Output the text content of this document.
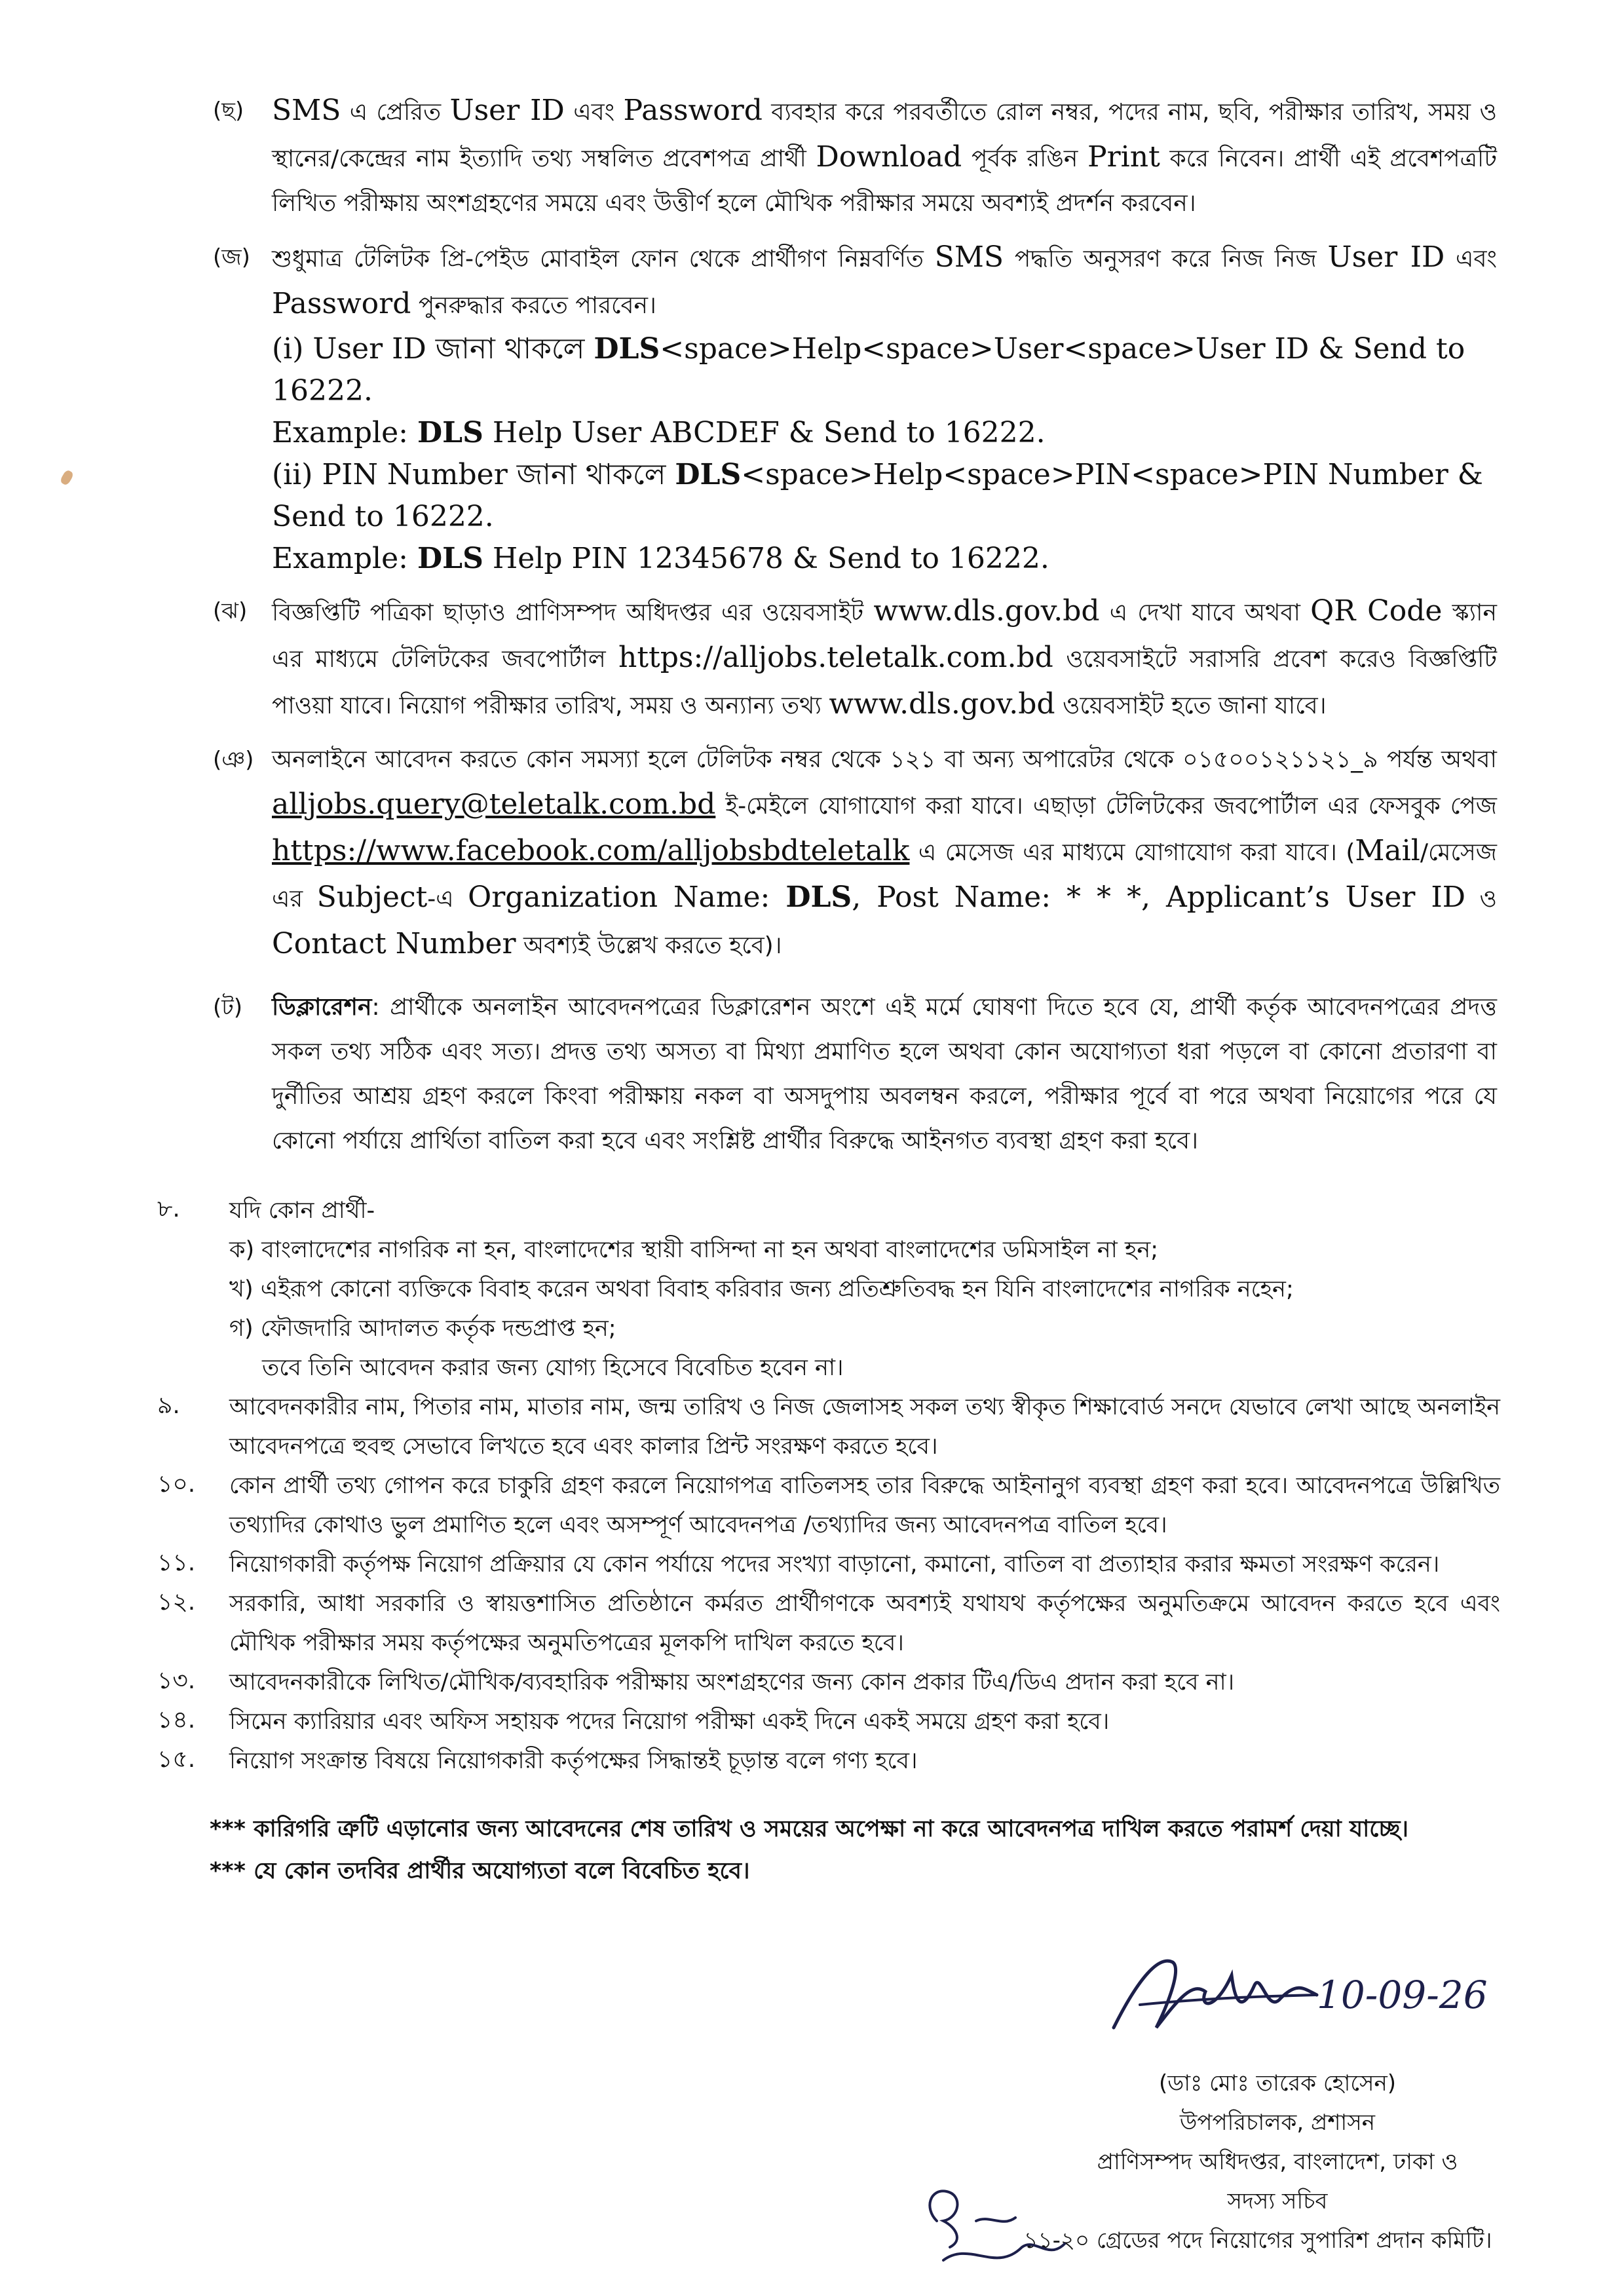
(ছ) SMS এ প্রেরিত User ID এবং Password ব্যবহার করে পরবর্তীতে রোল নম্বর, পদের নাম, ছবি, পরীক্ষার তারিখ, সময় ও স্থানের/কেন্দ্রের নাম ইত্যাদি তথ্য সম্বলিত প্রবেশপত্র প্রার্থী Download পূর্বক রঙিন Print করে নিবেন। প্রার্থী এই প্রবেশপত্রটি লিখিত পরীক্ষায় অংশগ্রহণের সময়ে এবং উত্তীর্ণ হলে মৌখিক পরীক্ষার সময়ে অবশ্যই প্রদর্শন করবেন।
(জ) শুধুমাত্র টেলিটক প্রি-পেইড মোবাইল ফোন থেকে প্রার্থীগণ নিম্নবর্ণিত SMS পদ্ধতি অনুসরণ করে নিজ নিজ User ID এবং Password পুনরুদ্ধার করতে পারবেন।
(i) User ID জানা থাকলে DLS<space>Help<space>User<space>User ID & Send to 16222.
Example: DLS Help User ABCDEF & Send to 16222.
(ii) PIN Number জানা থাকলে DLS<space>Help<space>PIN<space>PIN Number & Send to 16222.
Example: DLS Help PIN 12345678 & Send to 16222.
(ঝ)	বিজ্ঞপ্তিটি পত্রিকা ছাড়াও প্রাণিসম্পদ অধিদপ্তর এর ওয়েবসাইট www.dls.gov.bd এ দেখা যাবে অথবা QR Code স্ক্যান এর মাধ্যমে টেলিটকের জবপোর্টাল https://alljobs.teletalk.com.bd ওয়েবসাইটে সরাসরি প্রবেশ করেও বিজ্ঞপ্তিটি পাওয়া যাবে। নিয়োগ পরীক্ষার তারিখ, সময় ও অন্যান্য তথ্য www.dls.gov.bd ওয়েবসাইট হতে জানা যাবে।
(ঞ) অনলাইনে আবেদন করতে কোন সমস্যা হলে টেলিটক নম্বর থেকে ১২১ বা অন্য অপারেটর থেকে ০১৫০০১২১১২১_৯ পর্যন্ত অথবা alljobs.query@teletalk.com.bd ই-মেইলে যোগাযোগ করা যাবে। এছাড়া টেলিটকের জবপোর্টাল এর ফেসবুক পেজ https://www.facebook.com/alljobsbdteletalk এ মেসেজ এর মাধ্যমে যোগাযোগ করা যাবে। (Mail/মেসেজ এর Subject-এ Organization Name: DLS, Post Name: * * *, Applicant’s User ID ও Contact Number অবশ্যই উল্লেখ করতে হবে)।
(ট)	ডিক্লারেশন: প্রার্থীকে অনলাইন আবেদনপত্রের ডিক্লারেশন অংশে এই মর্মে ঘোষণা দিতে হবে যে, প্রার্থী কর্তৃক আবেদনপত্রের প্রদত্ত সকল তথ্য সঠিক এবং সত্য। প্রদত্ত তথ্য অসত্য বা মিথ্যা প্রমাণিত হলে অথবা কোন অযোগ্যতা ধরা পড়লে বা কোনো প্রতারণা বা দুর্নীতির আশ্রয় গ্রহণ করলে কিংবা পরীক্ষায় নকল বা অসদুপায় অবলম্বন করলে, পরীক্ষার পূর্বে বা পরে অথবা নিয়োগের পরে যে কোনো পর্যায়ে প্রার্থিতা বাতিল করা হবে এবং সংশ্লিষ্ট প্রার্থীর বিরুদ্ধে আইনগত ব্যবস্থা গ্রহণ করা হবে।
৮.	যদি কোন প্রার্থী-
ক) বাংলাদেশের নাগরিক না হন, বাংলাদেশের স্থায়ী বাসিন্দা না হন অথবা বাংলাদেশের ডমিসাইল না হন;
খ) এইরূপ কোনো ব্যক্তিকে বিবাহ করেন অথবা বিবাহ করিবার জন্য প্রতিশ্রুতিবদ্ধ হন যিনি বাংলাদেশের নাগরিক নহেন;
গ) ফৌজদারি আদালত কর্তৃক দন্ডপ্রাপ্ত হন;
তবে তিনি আবেদন করার জন্য যোগ্য হিসেবে বিবেচিত হবেন না।
৯.	আবেদনকারীর নাম, পিতার নাম, মাতার নাম, জন্ম তারিখ ও নিজ জেলাসহ সকল তথ্য স্বীকৃত শিক্ষাবোর্ড সনদে যেভাবে লেখা আছে অনলাইন আবেদনপত্রে হুবহু সেভাবে লিখতে হবে এবং কালার প্রিন্ট সংরক্ষণ করতে হবে।
১০.	কোন প্রার্থী তথ্য গোপন করে চাকুরি গ্রহণ করলে নিয়োগপত্র বাতিলসহ তার বিরুদ্ধে আইনানুগ ব্যবস্থা গ্রহণ করা হবে। আবেদনপত্রে উল্লিখিত তথ্যাদির কোথাও ভুল প্রমাণিত হলে এবং অসম্পূর্ণ আবেদনপত্র /তথ্যাদির জন্য আবেদনপত্র বাতিল হবে।
১১.	নিয়োগকারী কর্তৃপক্ষ নিয়োগ প্রক্রিয়ার যে কোন পর্যায়ে পদের সংখ্যা বাড়ানো, কমানো, বাতিল বা প্রত্যাহার করার ক্ষমতা সংরক্ষণ করেন।
১২.	সরকারি, আধা সরকারি ও স্বায়ত্তশাসিত প্রতিষ্ঠানে কর্মরত প্রার্থীগণকে অবশ্যই যথাযথ কর্তৃপক্ষের অনুমতিক্রমে আবেদন করতে হবে এবং মৌখিক পরীক্ষার সময় কর্তৃপক্ষের অনুমতিপত্রের মূলকপি দাখিল করতে হবে।
১৩.	আবেদনকারীকে লিখিত/মৌখিক/ব্যবহারিক পরীক্ষায় অংশগ্রহণের জন্য কোন প্রকার টিএ/ডিএ প্রদান করা হবে না।
১৪.	সিমেন ক্যারিয়ার এবং অফিস সহায়ক পদের নিয়োগ পরীক্ষা একই দিনে একই সময়ে গ্রহণ করা হবে।
১৫.	নিয়োগ সংক্রান্ত বিষয়ে নিয়োগকারী কর্তৃপক্ষের সিদ্ধান্তই চূড়ান্ত বলে গণ্য হবে।
*** কারিগরি ত্রুটি এড়ানোর জন্য আবেদনের শেষ তারিখ ও সময়ের অপেক্ষা না করে আবেদনপত্র দাখিল করতে পরামর্শ দেয়া যাচ্ছে।
*** যে কোন তদবির প্রার্থীর অযোগ্যতা বলে বিবেচিত হবে।
10-09-26
(ডাঃ মোঃ তারেক হোসেন)
উপপরিচালক, প্রশাসন
প্রাণিসম্পদ অধিদপ্তর, বাংলাদেশ, ঢাকা ও
সদস্য সচিব
১১-২০ গ্রেডের পদে নিয়োগের সুপারিশ প্রদান কমিটি।
